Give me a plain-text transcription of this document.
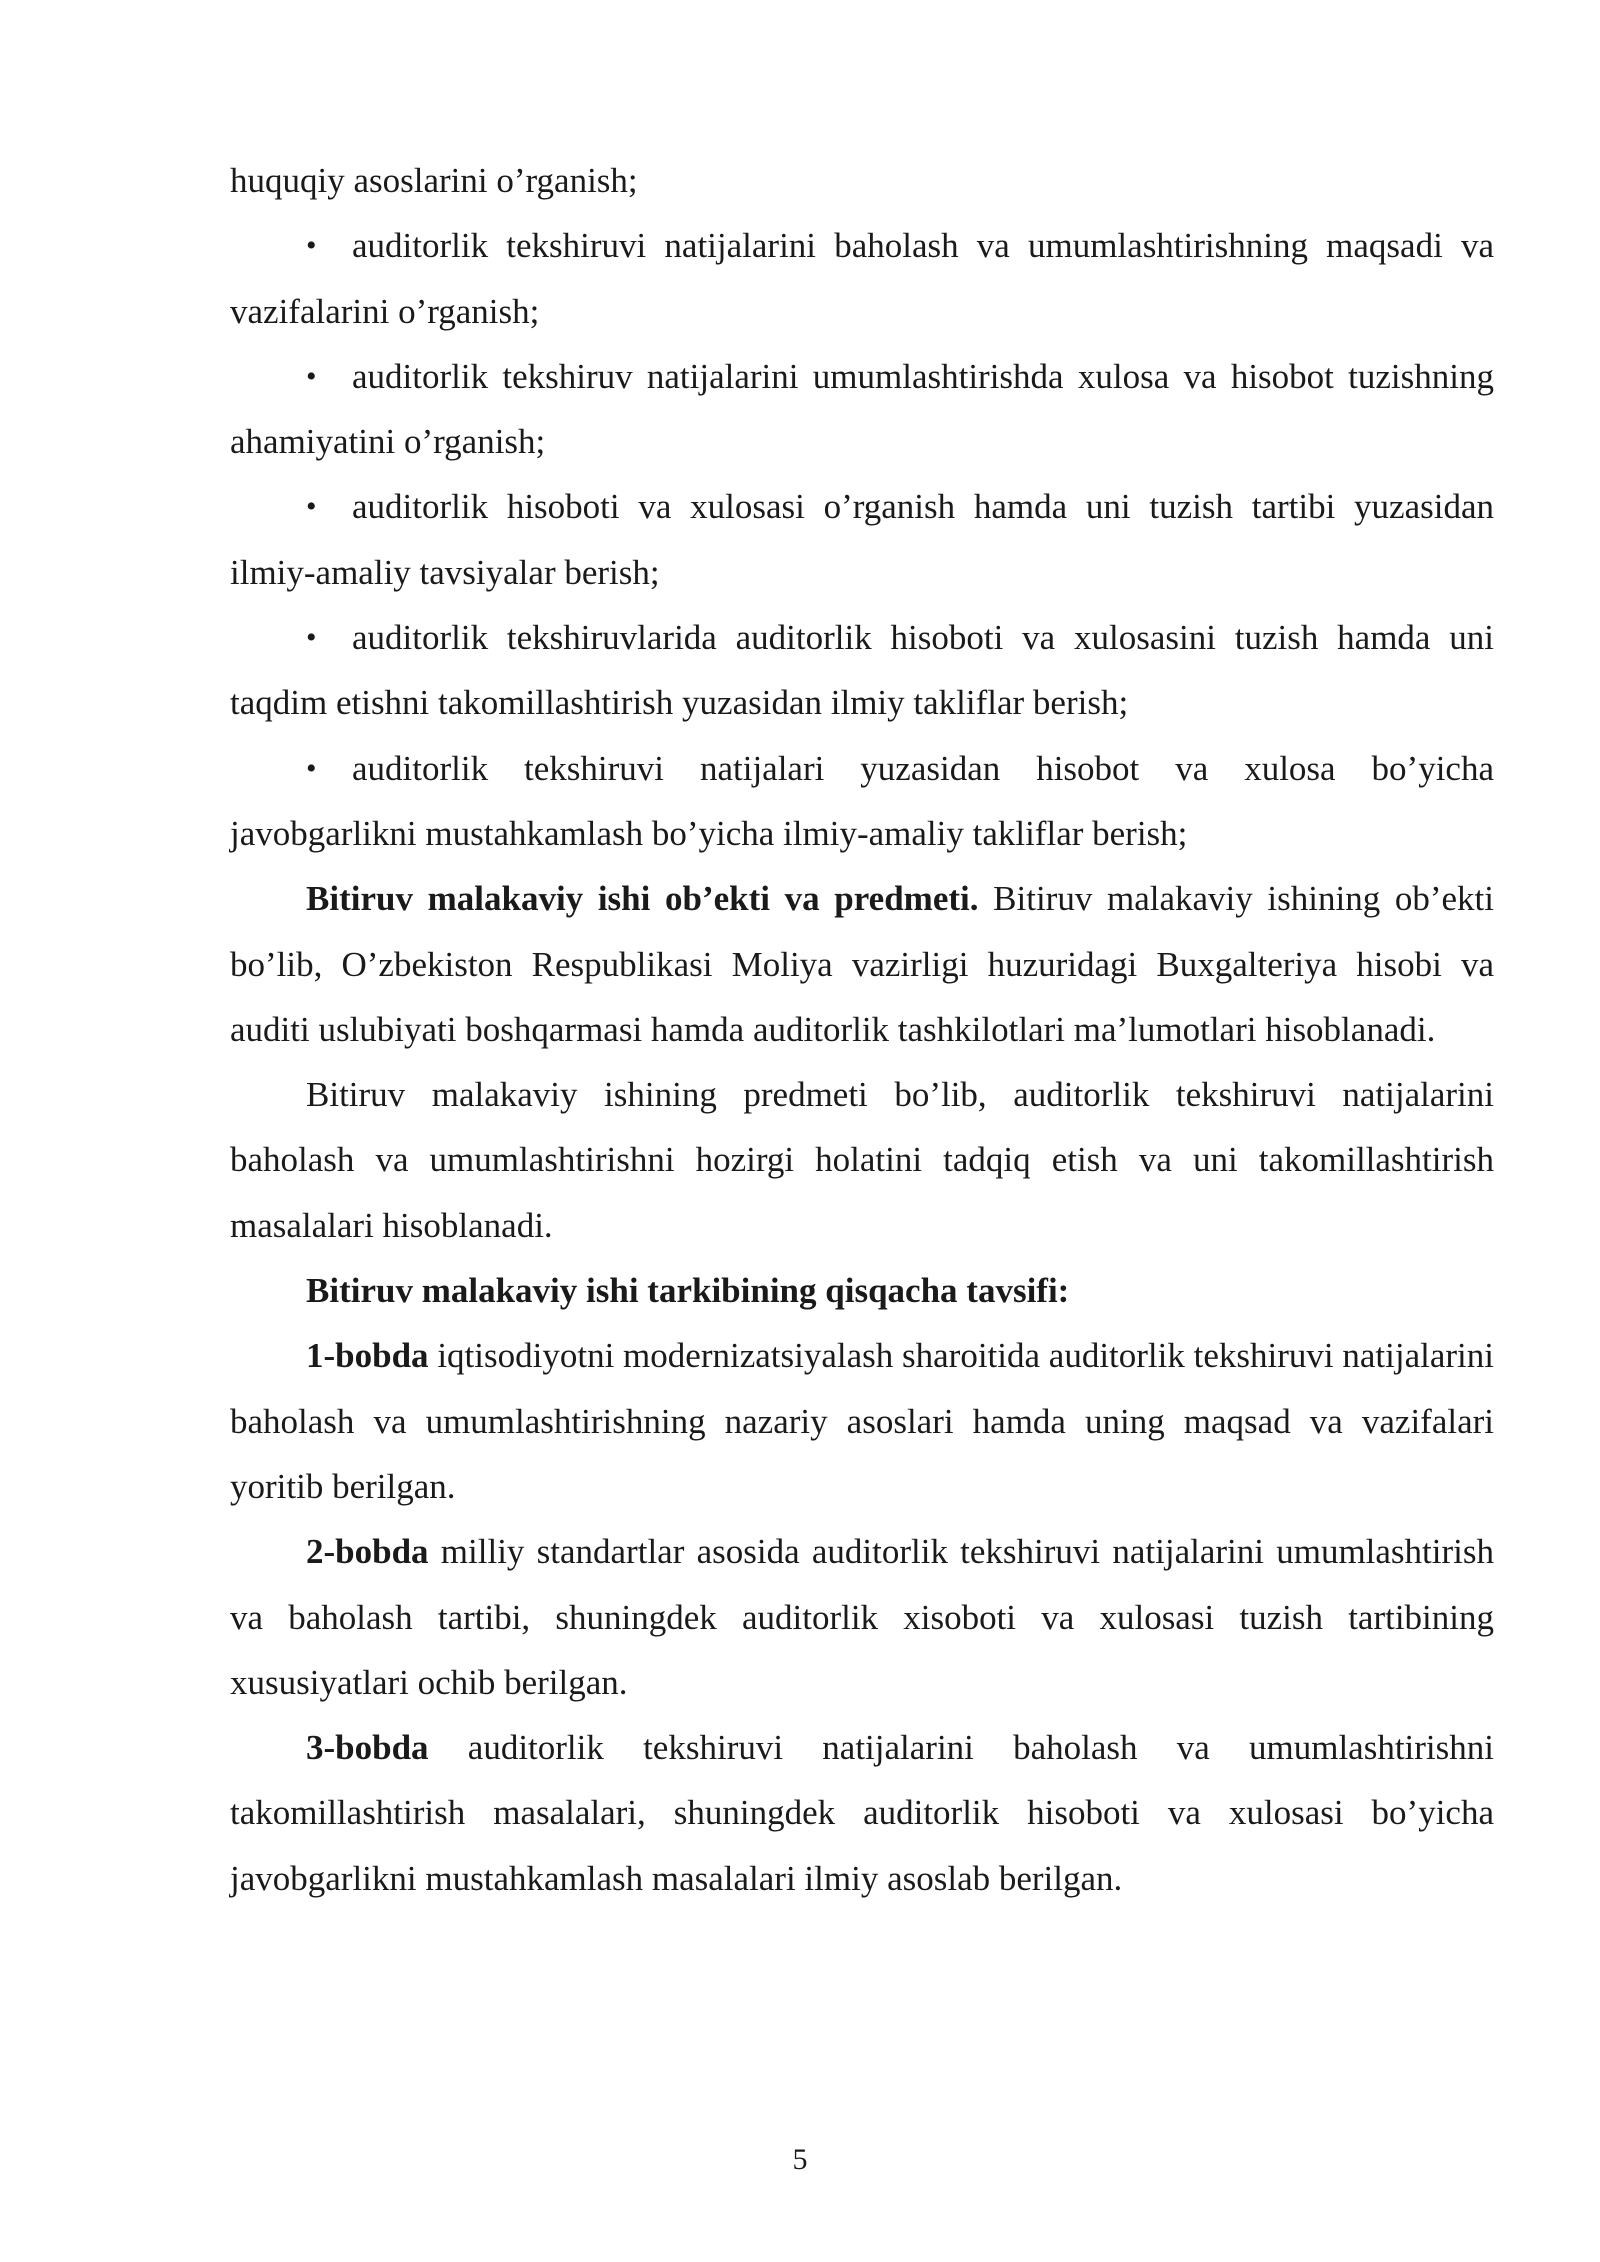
huquqiy asoslarini o’rganish;

• auditorlik tekshiruvi natijalarini baholash va umumlashtirishning maqsadi va vazifalarini o’rganish;

• auditorlik tekshiruv natijalarini umumlashtirishda xulosa va hisobot tuzishning ahamiyatini o’rganish;

• auditorlik hisoboti va xulosasi o’rganish hamda uni tuzish tartibi yuzasidan ilmiy-amaliy tavsiyalar berish;

• auditorlik tekshiruvlarida auditorlik hisoboti va xulosasini tuzish hamda uni taqdim etishni takomillashtirish yuzasidan ilmiy takliflar berish;

• auditorlik tekshiruvi natijalari yuzasidan hisobot va xulosa bo’yicha javobgarlikni mustahkamlash bo’yicha ilmiy-amaliy takliflar berish;

Bitiruv malakaviy ishi ob’ekti va predmeti. Bitiruv malakaviy ishining ob’ekti bo’lib, O’zbekiston Respublikasi Moliya vazirligi huzuridagi Buxgalteriya hisobi va auditi uslubiyati boshqarmasi hamda auditorlik tashkilotlari ma’lumotlari hisoblanadi.

Bitiruv malakaviy ishining predmeti bo’lib, auditorlik tekshiruvi natijalarini baholash va umumlashtirishni hozirgi holatini tadqiq etish va uni takomillashtirish masalalari hisoblanadi.

Bitiruv malakaviy ishi tarkibining qisqacha tavsifi:

1-bobda iqtisodiyotni modernizatsiyalash sharoitida auditorlik tekshiruvi natijalarini baholash va umumlashtirishning nazariy asoslari hamda uning maqsad va vazifalari yoritib berilgan.

2-bobda milliy standartlar asosida auditorlik tekshiruvi natijalarini umumlashtirish va baholash tartibi, shuningdek auditorlik xisoboti va xulosasi tuzish tartibining xususiyatlari ochib berilgan.

3-bobda auditorlik tekshiruvi natijalarini baholash va umumlashtirishni takomillashtirish masalalari, shuningdek auditorlik hisoboti va xulosasi bo’yicha javobgarlikni mustahkamlash masalalari ilmiy asoslab berilgan.

5
